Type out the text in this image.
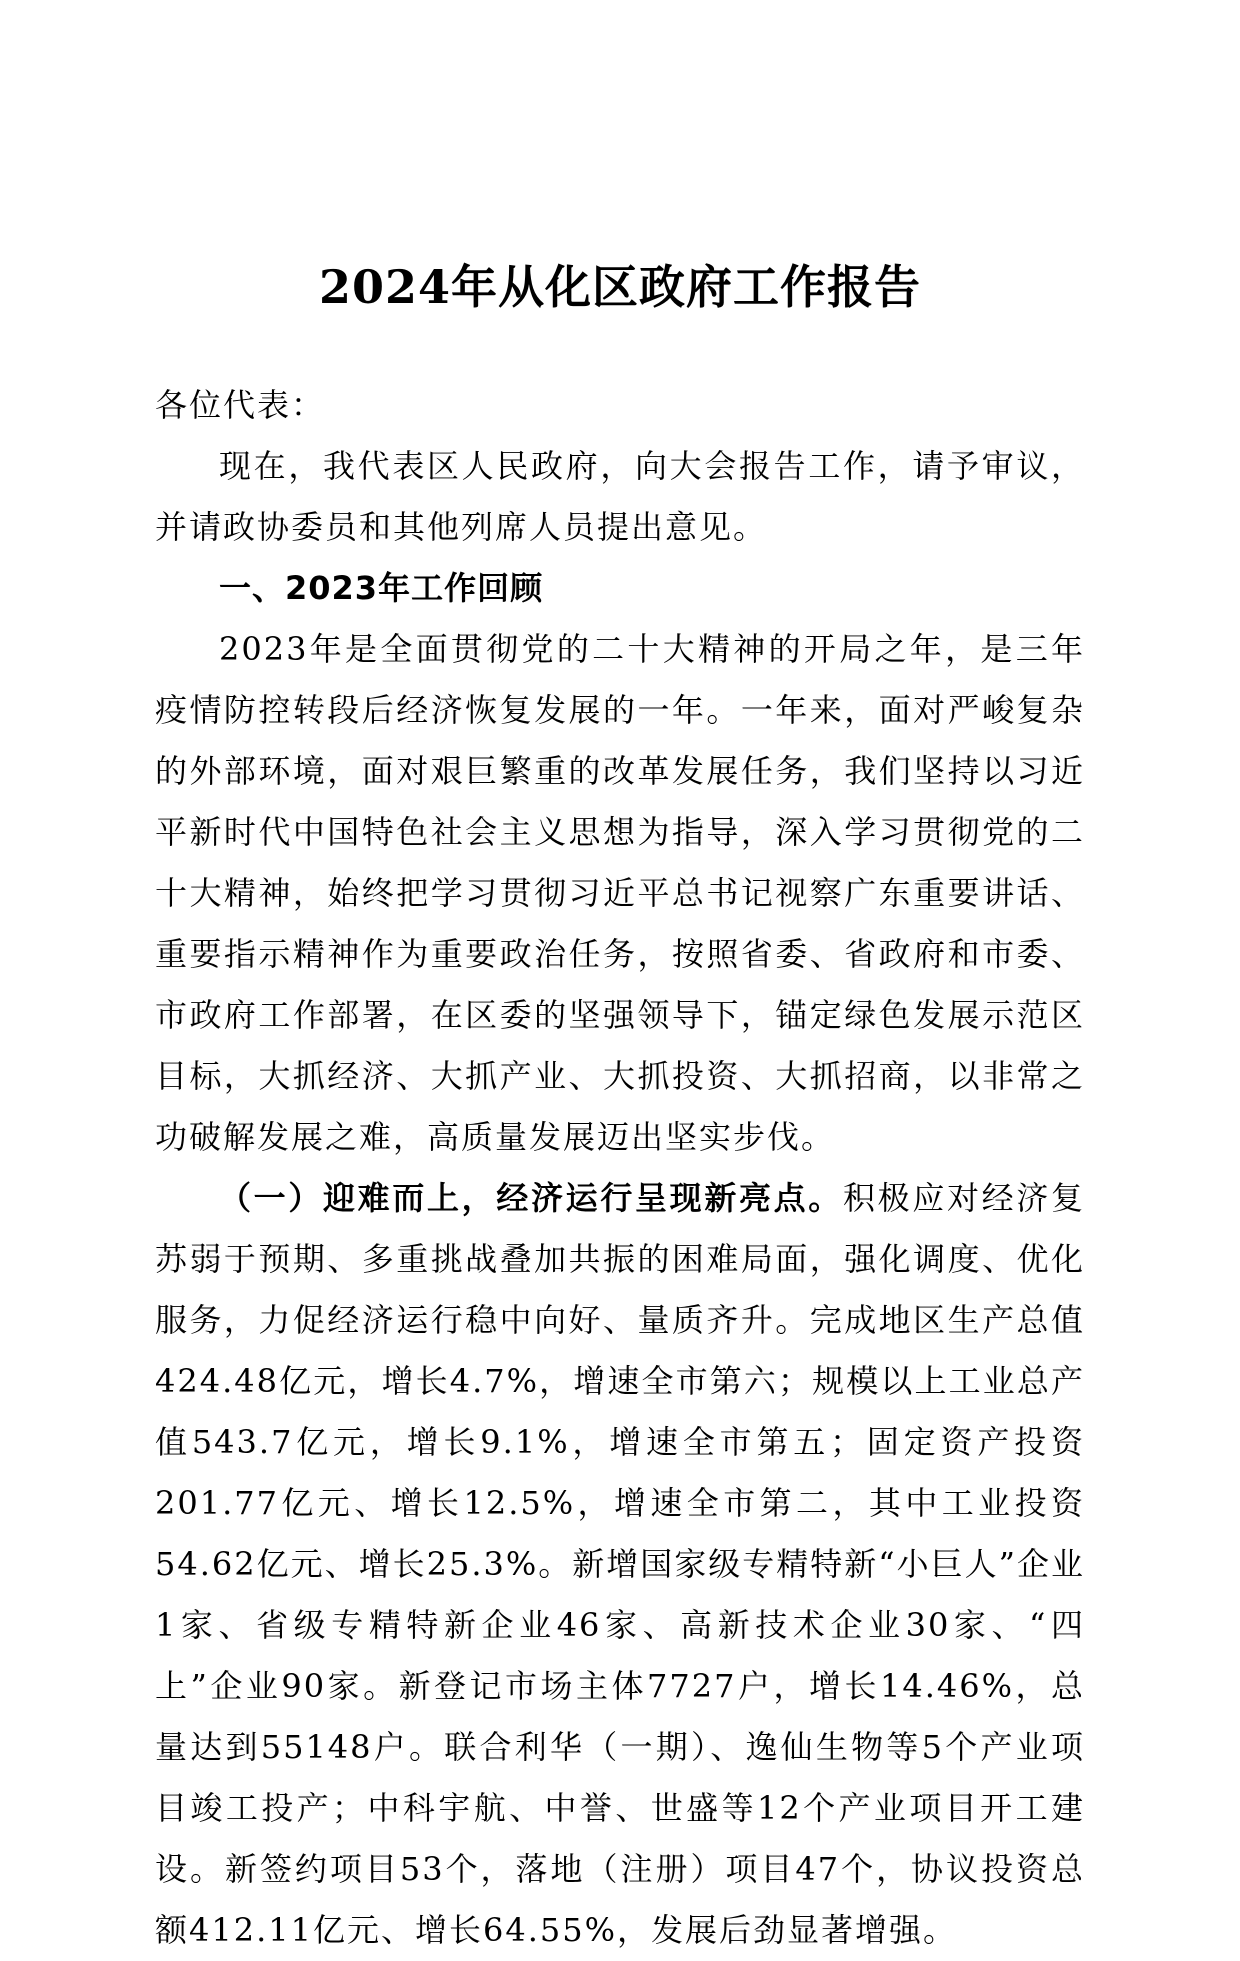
2024年从化区政府工作报告

各位代表：

现在，我代表区人民政府，向大会报告工作，请予审议，并请政协委员和其他列席人员提出意见。

一、2023年工作回顾

2023年是全面贯彻党的二十大精神的开局之年，是三年疫情防控转段后经济恢复发展的一年。一年来，面对严峻复杂的外部环境，面对艰巨繁重的改革发展任务，我们坚持以习近平新时代中国特色社会主义思想为指导，深入学习贯彻党的二十大精神，始终把学习贯彻习近平总书记视察广东重要讲话、重要指示精神作为重要政治任务，按照省委、省政府和市委、市政府工作部署，在区委的坚强领导下，锚定绿色发展示范区目标，大抓经济、大抓产业、大抓投资、大抓招商，以非常之功破解发展之难，高质量发展迈出坚实步伐。

（一）迎难而上，经济运行呈现新亮点。积极应对经济复苏弱于预期、多重挑战叠加共振的困难局面，强化调度、优化服务，力促经济运行稳中向好、量质齐升。完成地区生产总值424.48亿元，增长4.7%，增速全市第六；规模以上工业总产值543.7亿元，增长9.1%，增速全市第五；固定资产投资201.77亿元、增长12.5%，增速全市第二，其中工业投资54.62亿元、增长25.3%。新增国家级专精特新“小巨人”企业1家、省级专精特新企业46家、高新技术企业30家、“四上”企业90家。新登记市场主体7727户，增长14.46%，总量达到55148户。联合利华（一期）、逸仙生物等5个产业项目竣工投产；中科宇航、中誉、世盛等12个产业项目开工建设。新签约项目53个，落地（注册）项目47个，协议投资总额412.11亿元、增长64.55%，发展后劲显著增强。
